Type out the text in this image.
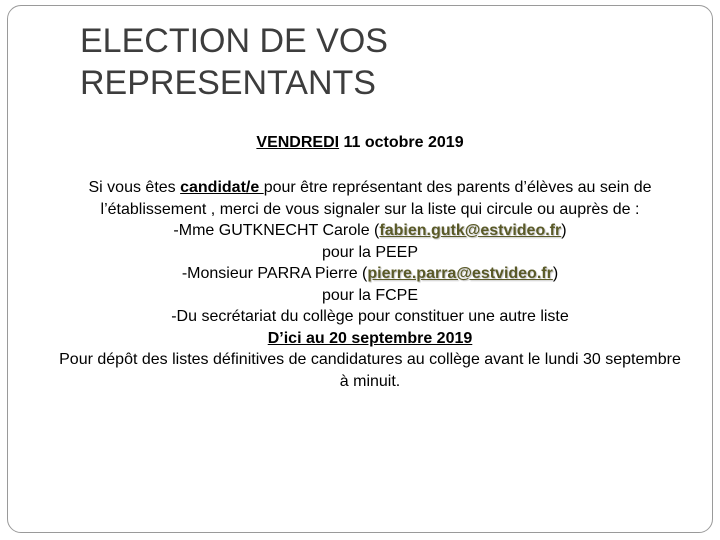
ELECTION DE VOS
REPRESENTANTS
VENDREDI 11 octobre 2019

Si vous êtes candidat/e pour être représentant des parents d’élèves au sein de l’établissement , merci de vous signaler sur la liste qui circule ou auprès de :

-Mme GUTKNECHT Carole (fabien.gutk@estvideo.fr)

pour la PEEP

-Monsieur PARRA Pierre (pierre.parra@estvideo.fr)

pour la FCPE

-Du secrétariat du collège pour constituer une autre liste

D’ici au 20 septembre 2019

Pour dépôt des listes définitives de candidatures au collège avant le lundi 30 septembre à minuit.
